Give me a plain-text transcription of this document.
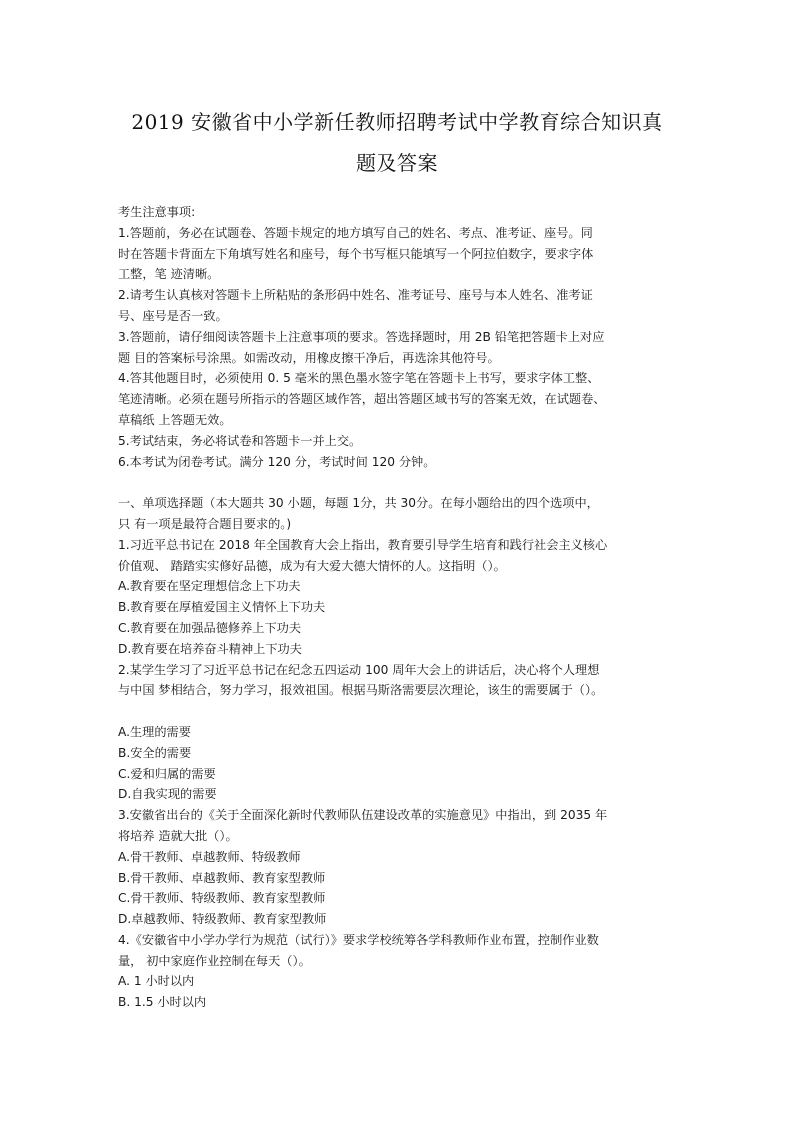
2019 安徽省中小学新任教师招聘考试中学教育综合知识真
题及答案
考生注意事项:
1.答题前，务必在试题卷、答题卡规定的地方填写自己的姓名、考点、准考证、座号。同
时在答题卡背面左下角填写姓名和座号，每个书写框只能填写一个阿拉伯数字，要求字体
工整，笔 迹清晰。
2.请考生认真核对答题卡上所粘贴的条形码中姓名、准考证号、座号与本人姓名、准考证
号、座号是否一致。
3.答题前，请仔细阅读答题卡上注意事项的要求。答选择题时，用 2B 铅笔把答题卡上对应
题 目的答案标号涂黑。如需改动，用橡皮擦干净后，再选涂其他符号。
4.答其他题目时，必须使用 0. 5 毫米的黑色墨水签字笔在答题卡上书写，要求字体工整、
笔迹清晰。必须在题号所指示的答题区域作答，超出答题区域书写的答案无效，在试题卷、
草稿纸 上答题无效。
5.考试结束，务必将试卷和答题卡一并上交。
6.本考试为闭卷考试。满分 120 分，考试时间 120 分钟。
一、单项选择题（本大题共 30 小题，每题 1分，共 30分。在每小题给出的四个选项中，
只 有一项是最符合题目要求的。)
1.习近平总书记在 2018 年全国教育大会上指出，教育要引导学生培育和践行社会主义核心
价值观、 踏踏实实修好品德，成为有大爱大德大情怀的人。这指明（）。
A.教育要在坚定理想信念上下功夫
B.教育要在厚植爱国主义情怀上下功夫
C.教育要在加强品德修养上下功夫
D.教育要在培养奋斗精神上下功夫
2.某学生学习了习近平总书记在纪念五四运动 100 周年大会上的讲话后，决心将个人理想
与中国 梦相结合，努力学习，报效祖国。根据马斯洛需要层次理论，该生的需要属于（）。
A.生理的需要
B.安全的需要
C.爱和归属的需要
D.自我实现的需要
3.安徽省出台的《关于全面深化新时代教师队伍建设改革的实施意见》中指出，到 2035 年
将培养 造就大批（）。
A.骨干教师、卓越教师、特级教师
B.骨干教师、卓越教师、教育家型教师
C.骨干教师、特级教师、教育家型教师
D.卓越教师、特级教师、教育家型教师
4.《安徽省中小学办学行为规范（试行）》要求学校统筹各学科教师作业布置，控制作业数
量， 初中家庭作业控制在每天（）。
A. 1 小时以内
B. 1.5 小时以内
